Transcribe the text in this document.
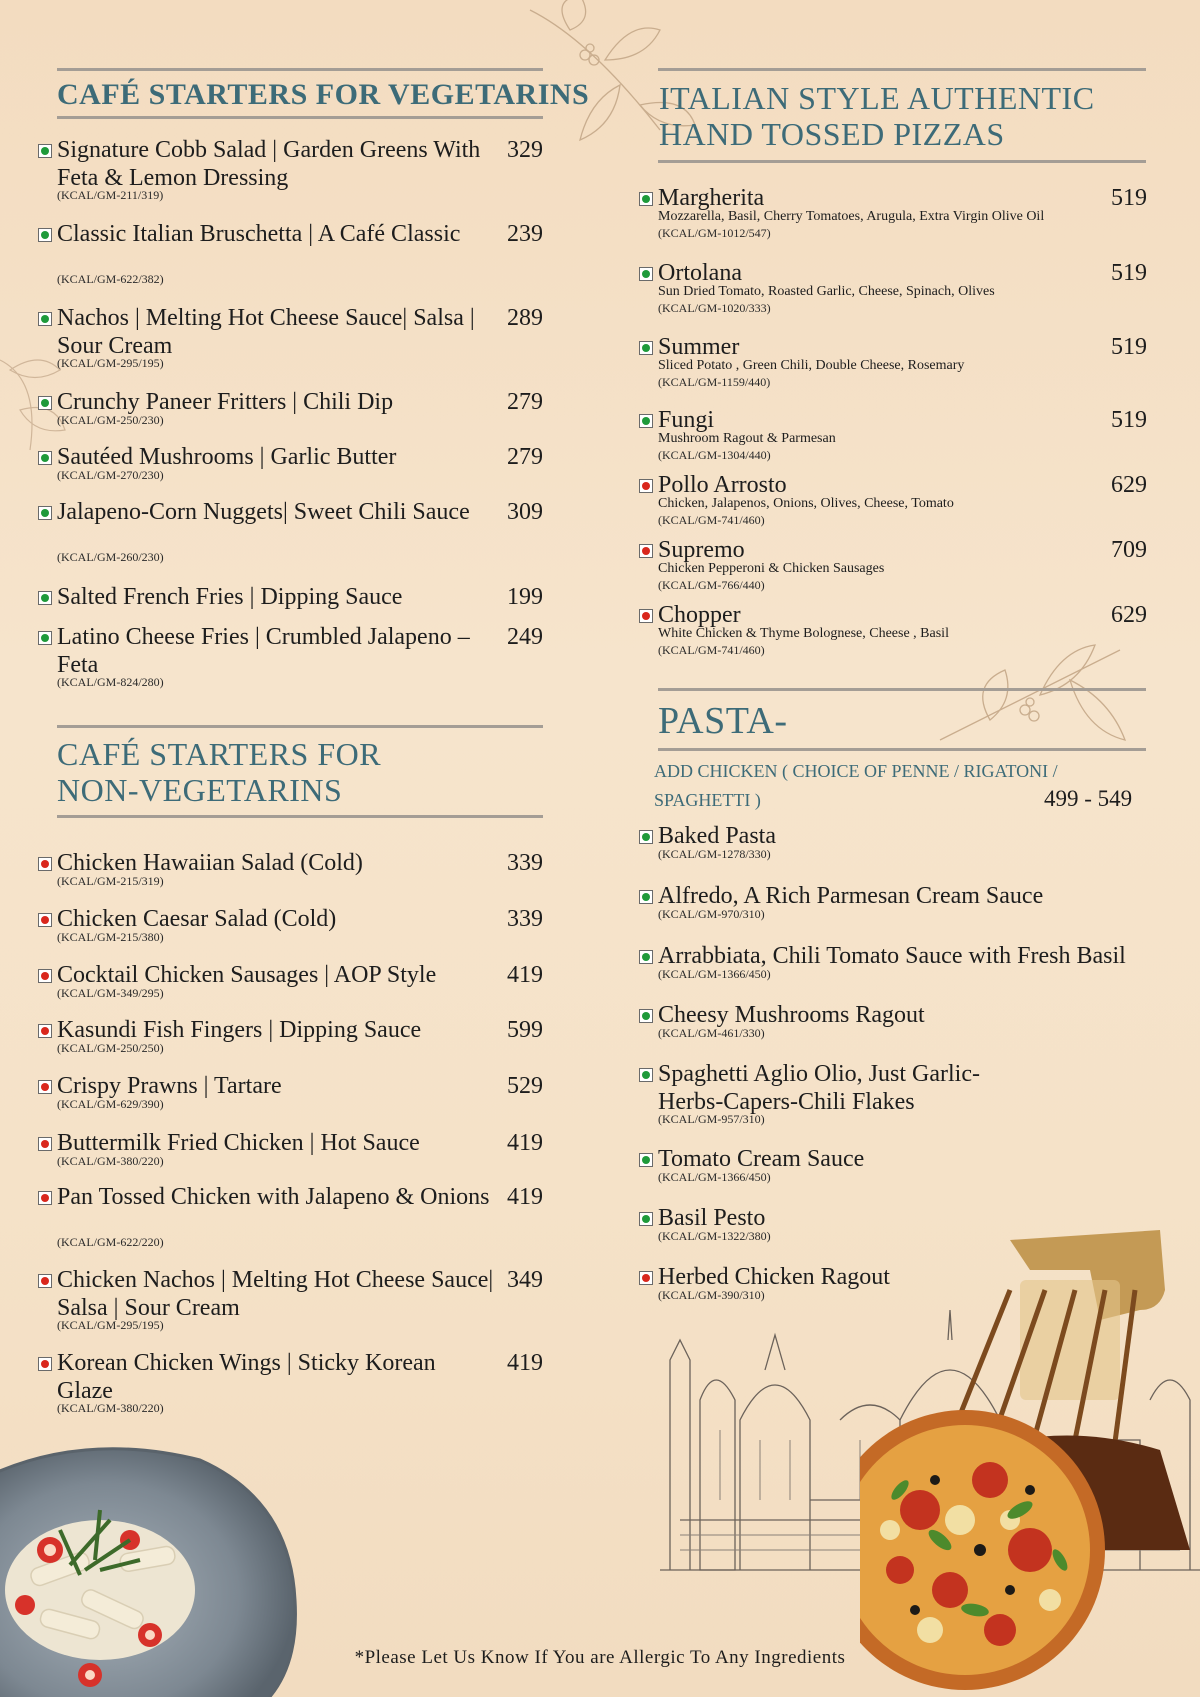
CAFÉ STARTERS FOR VEGETARINS
Signature Cobb Salad | Garden Greens With Feta & Lemon Dressing
(KCAL/GM-211/319)
329
Classic Italian Bruschetta | A Café Classic
(KCAL/GM-622/382)
239
Nachos | Melting Hot Cheese Sauce| Salsa | Sour Cream
(KCAL/GM-295/195)
289
Crunchy Paneer Fritters | Chili Dip
(KCAL/GM-250/230)
279
Sautéed Mushrooms | Garlic Butter
(KCAL/GM-270/230)
279
Jalapeno-Corn Nuggets| Sweet Chili Sauce
(KCAL/GM-260/230)
309
Salted French Fries | Dipping Sauce	199
Latino Cheese Fries | Crumbled Jalapeno – Feta
(KCAL/GM-824/280)
249
CAFÉ STARTERS FOR
NON-VEGETARINS
Chicken Hawaiian Salad (Cold)
(KCAL/GM-215/319)
339
Chicken Caesar Salad (Cold)
(KCAL/GM-215/380)
339
Cocktail Chicken Sausages | AOP Style
(KCAL/GM-349/295)
419
Kasundi Fish Fingers | Dipping Sauce
(KCAL/GM-250/250)
599
Crispy Prawns | Tartare
(KCAL/GM-629/390)
529
Buttermilk Fried Chicken | Hot Sauce
(KCAL/GM-380/220)
419
Pan Tossed Chicken with Jalapeno & Onions
(KCAL/GM-622/220)
419
Chicken Nachos | Melting Hot Cheese Sauce| Salsa | Sour Cream
(KCAL/GM-295/195)
349
Korean Chicken Wings | Sticky Korean Glaze
(KCAL/GM-380/220)
419
ITALIAN STYLE AUTHENTIC
HAND TOSSED PIZZAS
Margherita
Mozzarella, Basil, Cherry Tomatoes, Arugula, Extra Virgin Olive Oil
(KCAL/GM-1012/547)
519
Ortolana
Sun Dried Tomato, Roasted Garlic, Cheese, Spinach, Olives
(KCAL/GM-1020/333)
519
Summer
Sliced Potato , Green Chili, Double Cheese, Rosemary
(KCAL/GM-1159/440)
519
Fungi
Mushroom Ragout & Parmesan
(KCAL/GM-1304/440)
519
Pollo Arrosto
Chicken, Jalapenos, Onions, Olives, Cheese, Tomato
(KCAL/GM-741/460)
629
Supremo
Chicken Pepperoni & Chicken Sausages
(KCAL/GM-766/440)
709
Chopper
White Chicken & Thyme Bolognese, Cheese , Basil
(KCAL/GM-741/460)
629
PASTA-
ADD CHICKEN ( CHOICE OF PENNE / RIGATONI /
SPAGHETTI )	499 - 549
Baked Pasta
(KCAL/GM-1278/330)
Alfredo, A Rich Parmesan Cream Sauce
(KCAL/GM-970/310)
Arrabbiata, Chili Tomato Sauce with Fresh Basil
(KCAL/GM-1366/450)
Cheesy Mushrooms Ragout
(KCAL/GM-461/330)
Spaghetti Aglio Olio, Just Garlic-Herbs-Capers-Chili Flakes
(KCAL/GM-957/310)
Tomato Cream Sauce
(KCAL/GM-1366/450)
Basil Pesto
(KCAL/GM-1322/380)
Herbed Chicken Ragout
(KCAL/GM-390/310)
*Please Let Us Know If You are Allergic To Any Ingredients
